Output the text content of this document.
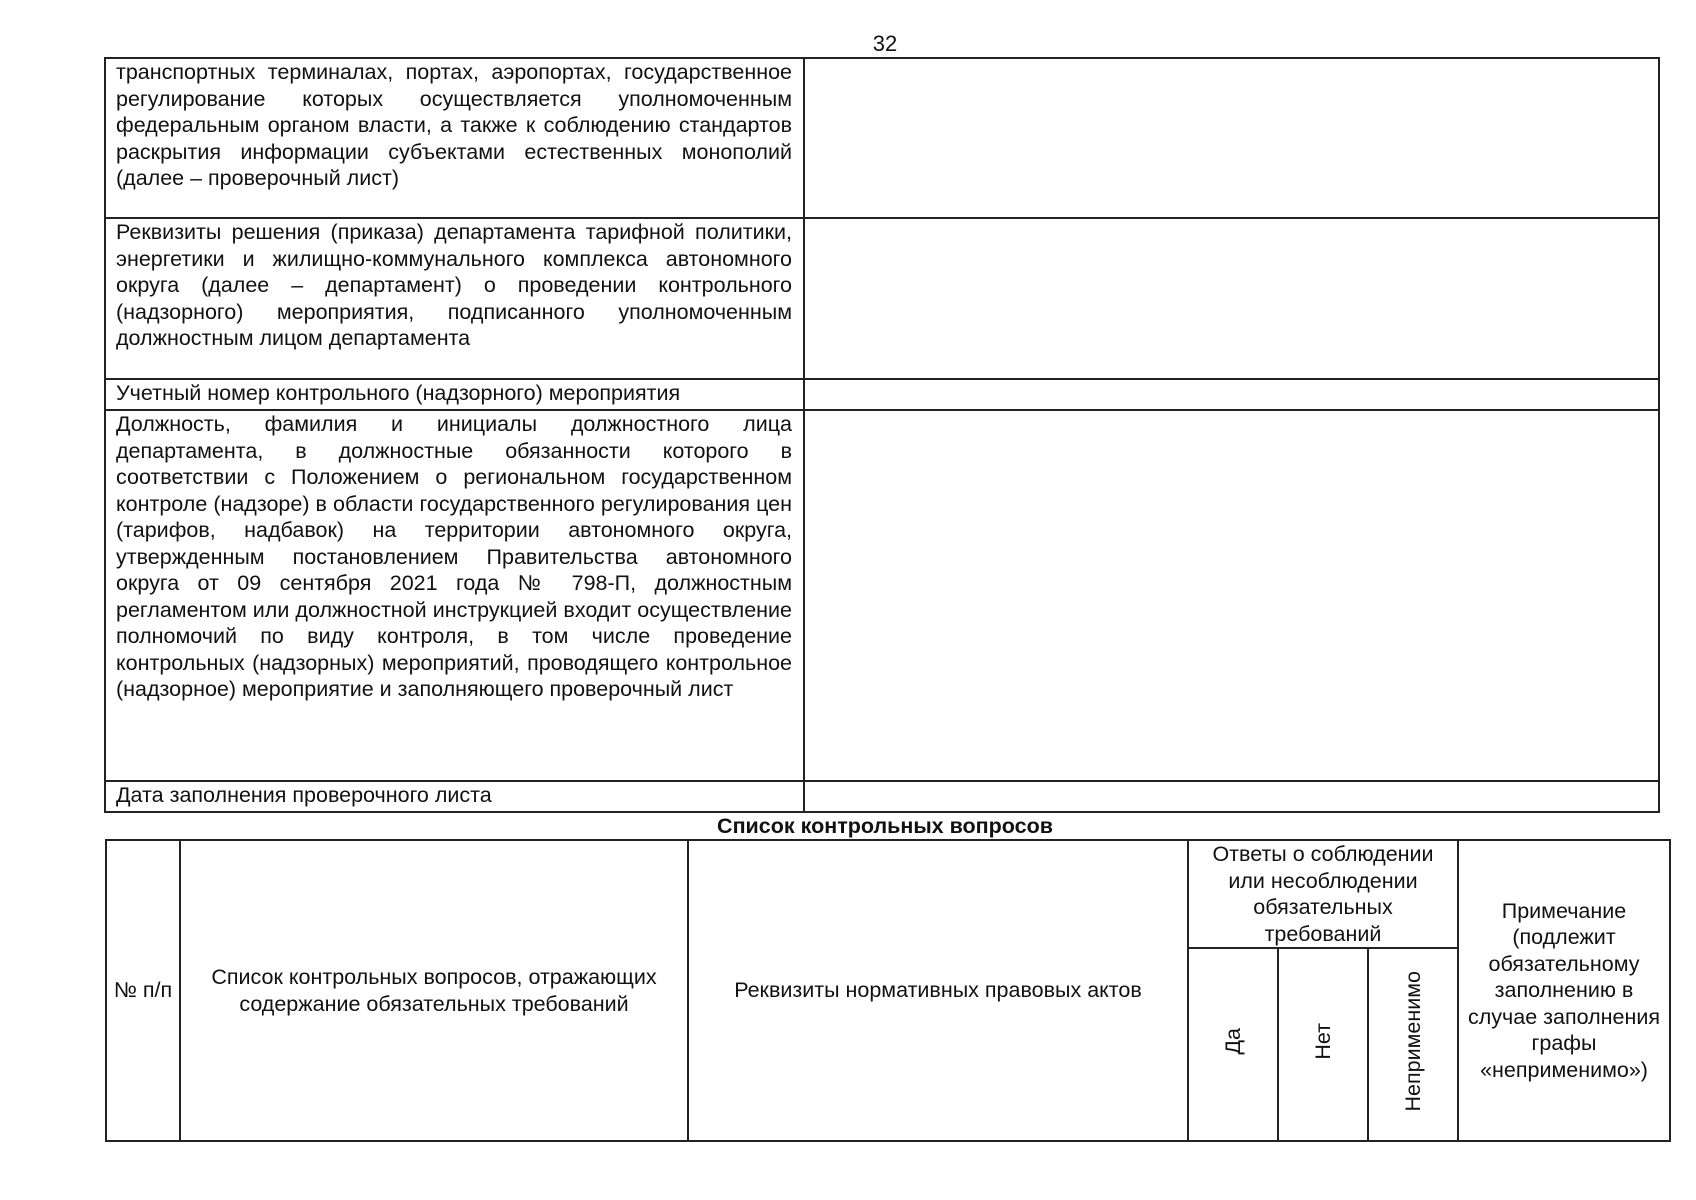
32
транспортных терминалах, портах, аэропортах, государственное регулирование которых осуществляется уполномоченным федеральным органом власти, а также к соблюдению стандартов раскрытия информации субъектами естественных монополий (далее – проверочный лист)	
Реквизиты решения (приказа) департамента тарифной политики, энергетики и жилищно-коммунального комплекса автономного округа (далее – департамент) о проведении контрольного (надзорного) мероприятия, подписанного уполномоченным должностным лицом департамента	
Учетный номер контрольного (надзорного) мероприятия	
Должность, фамилия и инициалы должностного лица департамента, в должностные обязанности которого в соответствии с Положением о региональном государственном контроле (надзоре) в области государственного регулирования цен (тарифов, надбавок) на территории автономного округа, утвержденным постановлением Правительства автономного округа от 09 сентября 2021 года № 798-П, должностным регламентом или должностной инструкцией входит осуществление полномочий по виду контроля, в том числе проведение контрольных (надзорных) мероприятий, проводящего контрольное (надзорное) мероприятие и заполняющего проверочный лист	
Дата заполнения проверочного листа	
Список контрольных вопросов
№ п/п	Список контрольных вопросов, отражающих содержание обязательных требований	Реквизиты нормативных правовых актов	Ответы о соблюдении или несоблюдении обязательных требований			Примечание (подлежит обязательному заполнению в случае заполнения графы «неприменимо»)
			Да	Нет	Неприменимо	
